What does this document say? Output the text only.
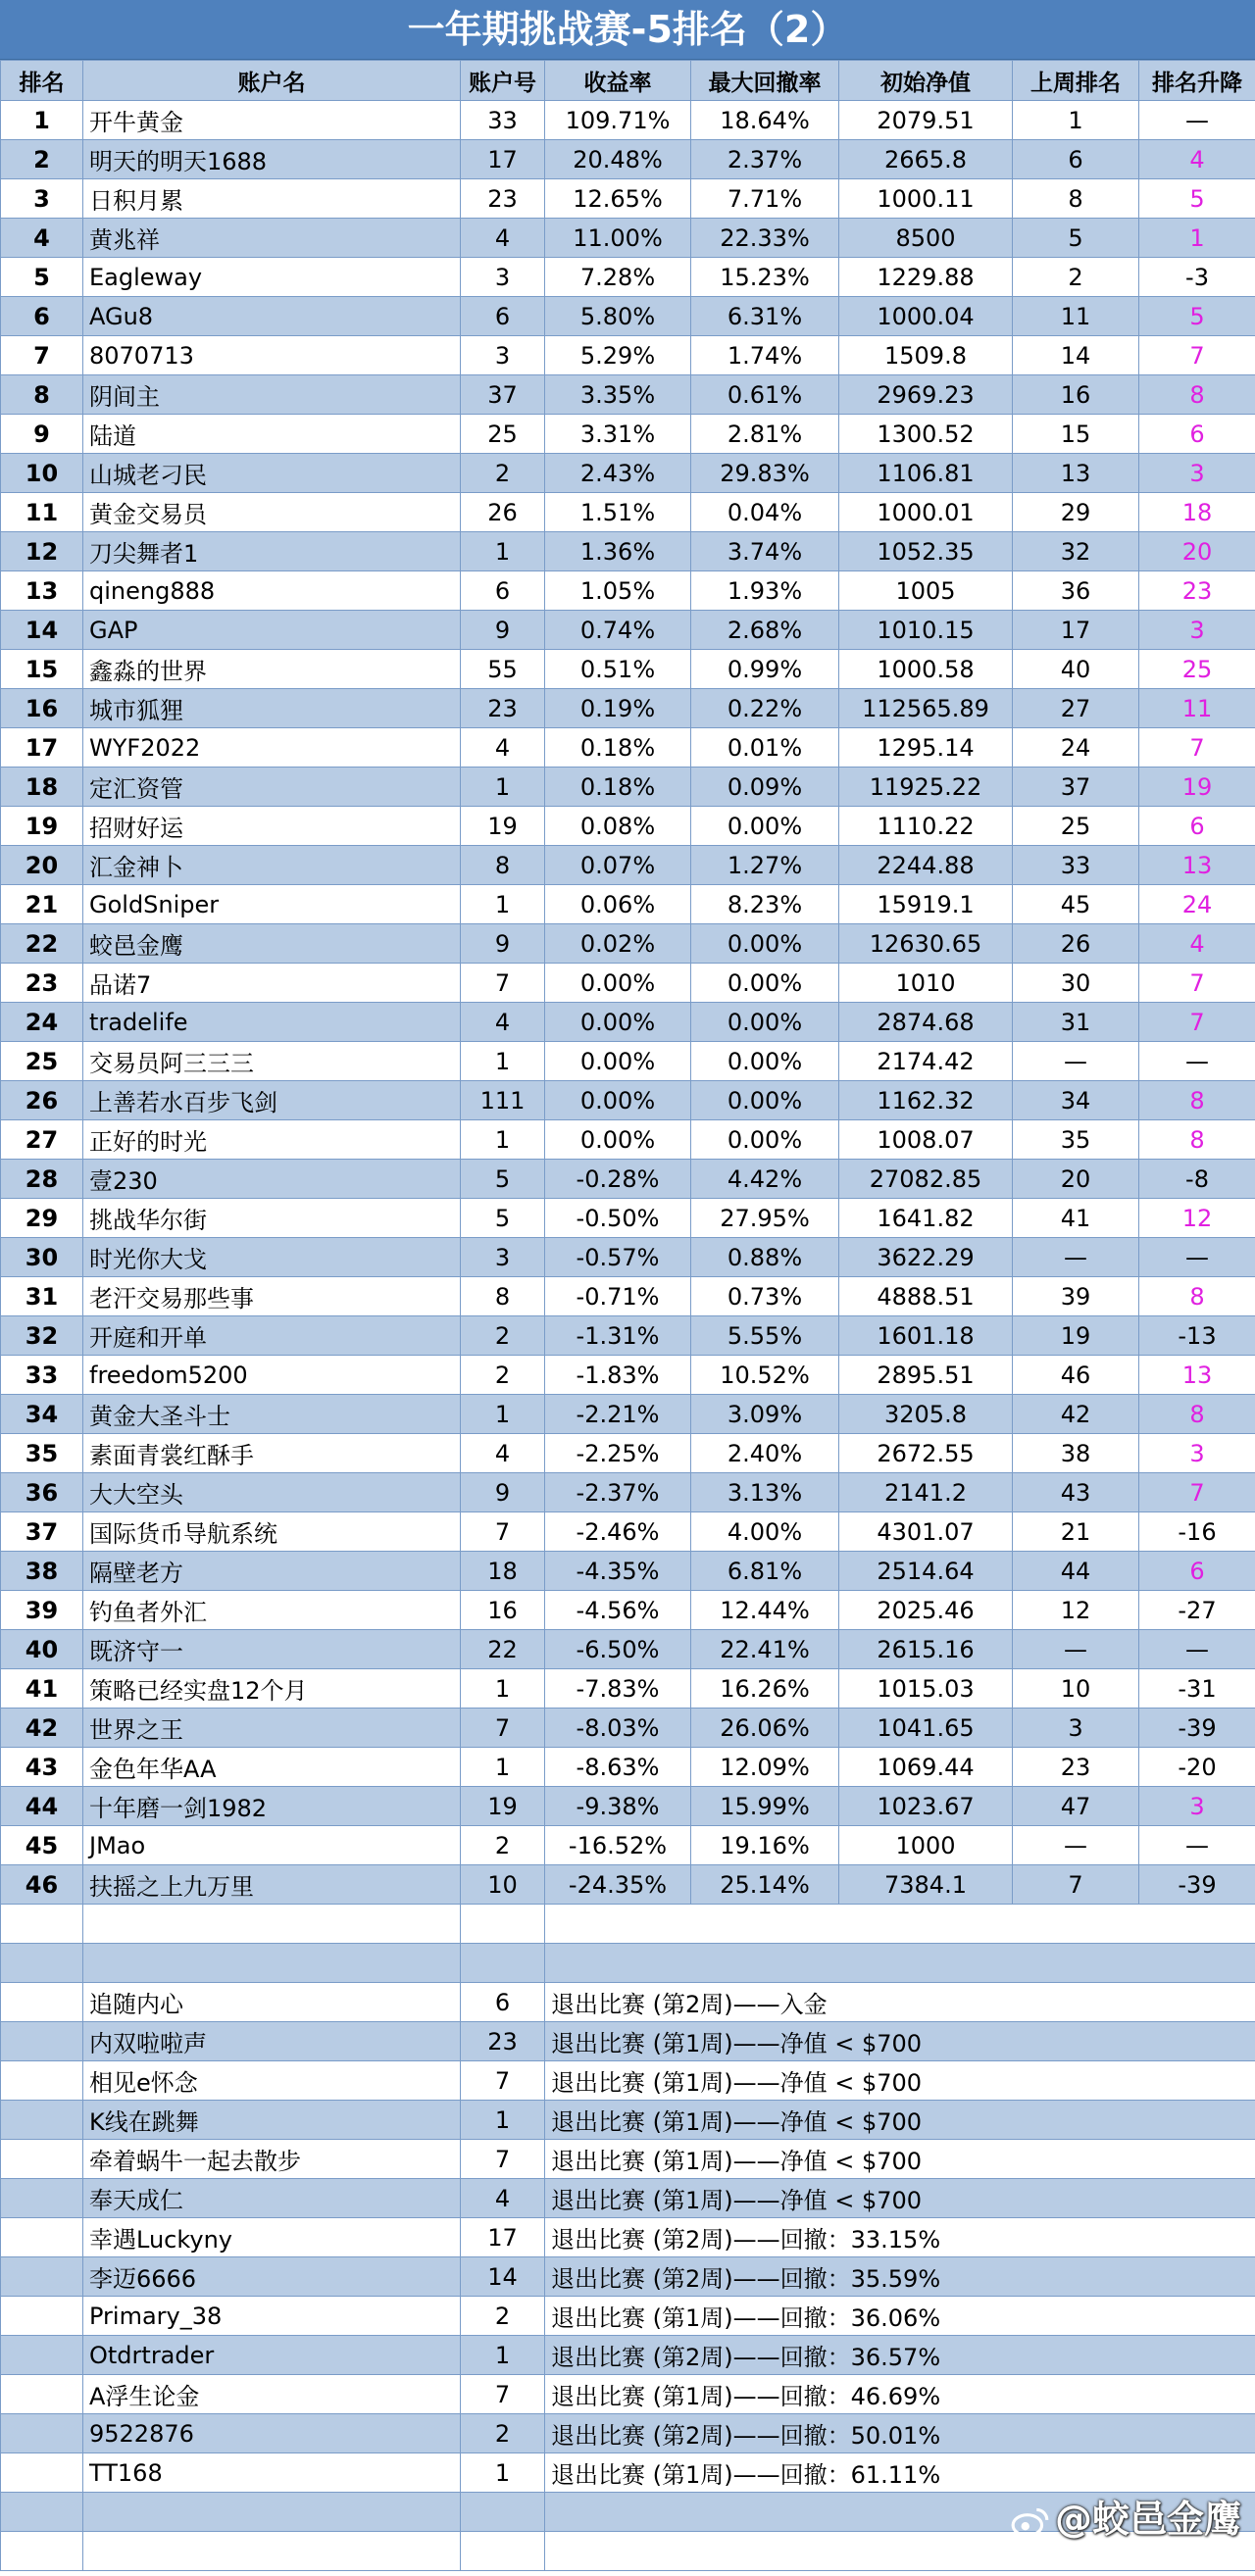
一年期挑战赛-5排名（2）
排名	账户名	账户号	收益率	最大回撤率	初始净值	上周排名	排名升降
1	开牛黄金	33	109.71%	18.64%	2079.51	1	—
2	明天的明天1688	17	20.48%	2.37%	2665.8	6	4
3	日积月累	23	12.65%	7.71%	1000.11	8	5
4	黄兆祥	4	11.00%	22.33%	8500	5	1
5	Eagleway	3	7.28%	15.23%	1229.88	2	-3
6	AGu8	6	5.80%	6.31%	1000.04	11	5
7	8070713	3	5.29%	1.74%	1509.8	14	7
8	阴间主	37	3.35%	0.61%	2969.23	16	8
9	陆道	25	3.31%	2.81%	1300.52	15	6
10	山城老刁民	2	2.43%	29.83%	1106.81	13	3
11	黄金交易员	26	1.51%	0.04%	1000.01	29	18
12	刀尖舞者1	1	1.36%	3.74%	1052.35	32	20
13	qineng888	6	1.05%	1.93%	1005	36	23
14	GAP	9	0.74%	2.68%	1010.15	17	3
15	鑫淼的世界	55	0.51%	0.99%	1000.58	40	25
16	城市狐狸	23	0.19%	0.22%	112565.89	27	11
17	WYF2022	4	0.18%	0.01%	1295.14	24	7
18	定汇资管	1	0.18%	0.09%	11925.22	37	19
19	招财好运	19	0.08%	0.00%	1110.22	25	6
20	汇金神卜	8	0.07%	1.27%	2244.88	33	13
21	GoldSniper	1	0.06%	8.23%	15919.1	45	24
22	蛟邑金鹰	9	0.02%	0.00%	12630.65	26	4
23	品诺7	7	0.00%	0.00%	1010	30	7
24	tradelife	4	0.00%	0.00%	2874.68	31	7
25	交易员阿三三三	1	0.00%	0.00%	2174.42	—	—
26	上善若水百步飞剑	111	0.00%	0.00%	1162.32	34	8
27	正好的时光	1	0.00%	0.00%	1008.07	35	8
28	壹230	5	-0.28%	4.42%	27082.85	20	-8
29	挑战华尔街	5	-0.50%	27.95%	1641.82	41	12
30	时光你大戈	3	-0.57%	0.88%	3622.29	—	—
31	老汗交易那些事	8	-0.71%	0.73%	4888.51	39	8
32	开庭和开单	2	-1.31%	5.55%	1601.18	19	-13
33	freedom5200	2	-1.83%	10.52%	2895.51	46	13
34	黄金大圣斗士	1	-2.21%	3.09%	3205.8	42	8
35	素面青裳红酥手	4	-2.25%	2.40%	2672.55	38	3
36	大大空头	9	-2.37%	3.13%	2141.2	43	7
37	国际货币导航系统	7	-2.46%	4.00%	4301.07	21	-16
38	隔壁老方	18	-4.35%	6.81%	2514.64	44	6
39	钓鱼者外汇	16	-4.56%	12.44%	2025.46	12	-27
40	既济守一	22	-6.50%	22.41%	2615.16	—	—
41	策略已经实盘12个月	1	-7.83%	16.26%	1015.03	10	-31
42	世界之王	7	-8.03%	26.06%	1041.65	3	-39
43	金色年华AA	1	-8.63%	12.09%	1069.44	23	-20
44	十年磨一剑1982	19	-9.38%	15.99%	1023.67	47	3
45	JMao	2	-16.52%	19.16%	1000	—	—
46	扶摇之上九万里	10	-24.35%	25.14%	7384.1	7	-39

	追随内心	6	退出比赛 (第2周)——入金				
	内双啦啦声	23	退出比赛 (第1周)——净值 < $700				
	相见e怀念	7	退出比赛 (第1周)——净值 < $700				
	K线在跳舞	1	退出比赛 (第1周)——净值 < $700				
	牵着蜗牛一起去散步	7	退出比赛 (第1周)——净值 < $700				
	奉天成仁	4	退出比赛 (第1周)——净值 < $700				
	幸遇Luckyny	17	退出比赛 (第2周)——回撤：33.15%				
	李迈6666	14	退出比赛 (第2周)——回撤：35.59%				
	Primary_38	2	退出比赛 (第1周)——回撤：36.06%				
	Otdrtrader	1	退出比赛 (第2周)——回撤：36.57%				
	A浮生论金	7	退出比赛 (第1周)——回撤：46.69%				
	9522876	2	退出比赛 (第2周)——回撤：50.01%				
	TT168	1	退出比赛 (第1周)——回撤：61.11%				

@蛟邑金鹰
